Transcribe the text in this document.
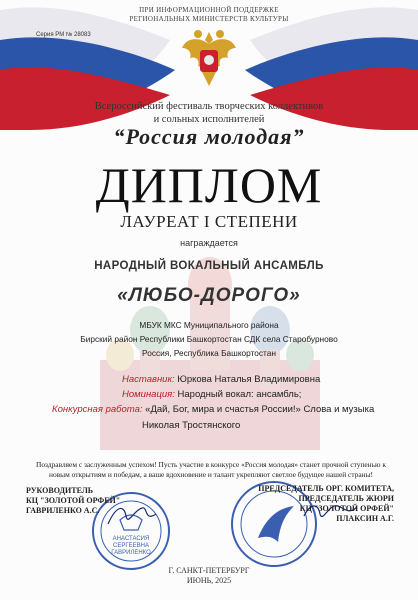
Серия РМ № 28083
ПРИ ИНФОРМАЦИОННОЙ ПОДДЕРЖКЕ
РЕГИОНАЛЬНЫХ МИНИСТЕРСТВ КУЛЬТУРЫ
Всероссийский фестиваль творческих коллективов
и сольных исполнителей
“Россия молодая”
ДИПЛОМ
ЛАУРЕАТ I СТЕПЕНИ
награждается
НАРОДНЫЙ ВОКАЛЬНЫЙ АНСАМБЛЬ
«ЛЮБО-ДОРОГО»
МБУК МКС Муниципального района
Бирский район Республики Башкортостан СДК села Старобурново
Россия, Республика Башкортостан
Наставник: Юркова Наталья Владимировна
Номинация: Народный вокал: ансамбль;
Конкурсная работа: «Дай, Бог, мира и счастья России!» Слова и музыка
Николая Тростянского
Поздравляем с заслуженным успехом! Пусть участие в конкурсе «Россия молодая» станет прочной ступенью к новым открытиям и победам, а ваше вдохновение и талант укрепляют светлое будущее нашей страны!
АНАСТАСИЯ
СЕРГЕЕВНА
ГАВРИЛЕНКО
РУКОВОДИТЕЛЬ
КЦ "ЗОЛОТОЙ ОРФЕЙ"
ГАВРИЛЕНКО А.С.
ПРЕДСЕДАТЕЛЬ ОРГ. КОМИТЕТА,
ПРЕДСЕДАТЕЛЬ ЖЮРИ
КЦ "ЗОЛОТОЙ ОРФЕЙ"
ПЛАКСИН А.Г.
Г. САНКТ-ПЕТЕРБУРГ
ИЮНЬ, 2025
